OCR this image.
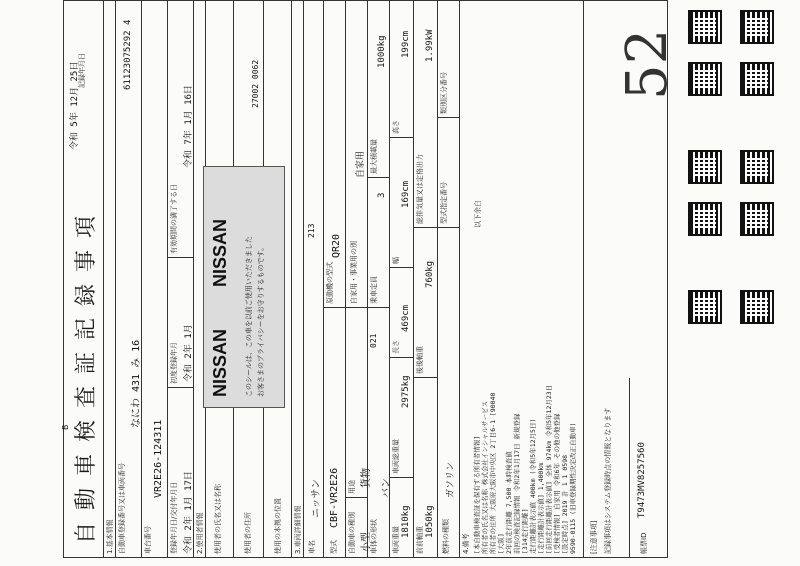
自動車検査証記録事項
B
記録年月日
令和 5年 12月 25日
61123075292 4
1.基本情報 自動車登録番号又は車両番号
なにわ 431 み 16
車台番号
VR2E26-124311
登録年月日/交付年月日 令和 2年 1月 17日
初度登録年月 令和 2年 1月
有効期間の満了する日
令和 7年 1月 16日
2.使用者情報 使用者の氏名又は名称	使用者の住所
27002 0062
使用の本拠の位置 3.車両詳細情報 車名
ニッサン
213
型式
CBF-VR2E26
原動機の型式
QR20
自動車の種別 小型
用途 貨物
自家用・事業用の別
自家用
車体の形状
バン
021
乗車定員
3
最大積載量
1000kg
車両重量
1810kg
車両総重量
2975kg
長さ
469cm
幅
169cm
高さ
199cm
前前軸重
1050kg
後後軸重
760kg
総排気量又は定格出力
1.99kW
燃料の種類
ガソリン
型式指定番号
類別区分番号
4.備考 [本自動車検査証を保有する所有者情報]
所有者の氏名又は名称 株式会社インシャルサービス
所有者の住所 大阪府大阪市中央区 2丁目6-1 [90040
[大阪]
2年前走行距離 7,500 本時検査値
前回の検査記録情報 令和2年1月17日 新規登録
[314走行距離]
走行距離計表示値 400km (令和5年12月5日)
[走行距離計表示値] 1,400km
[前回走行距離計表示値] 全体 974km 令和5年12月23日
[受検者情報] 自家用 令和6年 その他の他登録
[設定時点] 2019 計 1 1 0598
9590-0115 (旧車登録期性決定改正自動車)
以下余白
[注意事項] 記録事項はシステム登録時点の情報となります	帳票ID
T9473MV8257560
NISSAN
NISSAN このシールは、この車を以前ご使用いただきました お客さまのプライバシーをお守りするものです。
52
